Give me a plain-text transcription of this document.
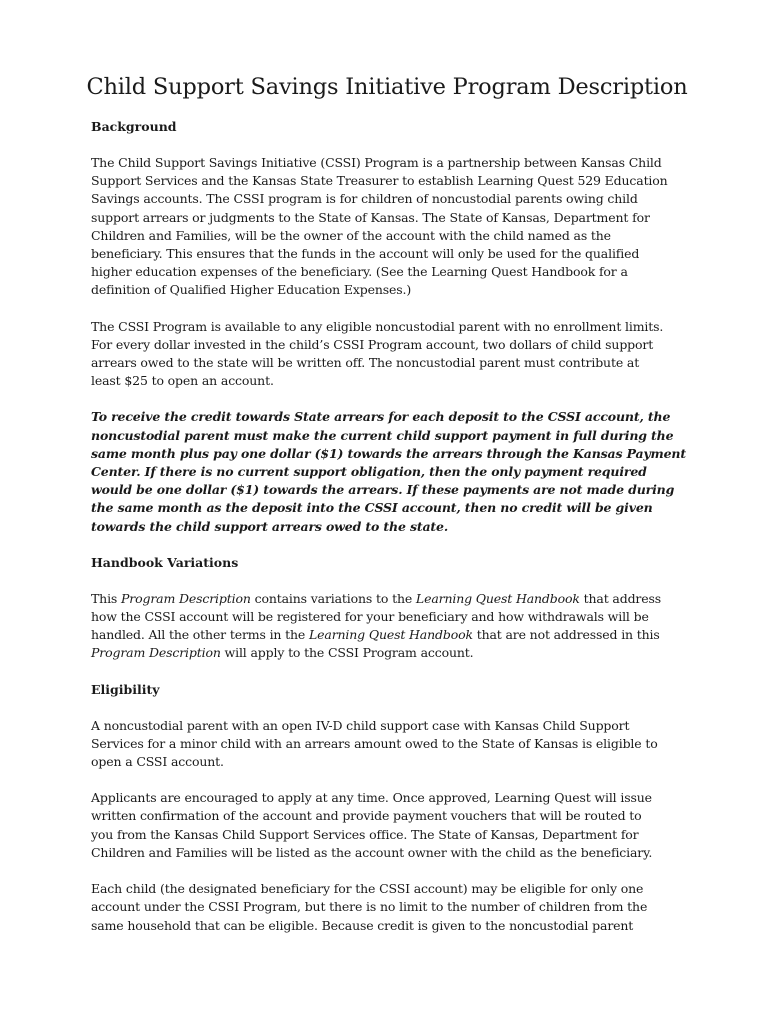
Child Support Savings Initiative Program Description
Background

The Child Support Savings Initiative (CSSI) Program is a partnership between Kansas Child
Support Services and the Kansas State Treasurer to establish Learning Quest 529 Education
Savings accounts. The CSSI program is for children of noncustodial parents owing child
support arrears or judgments to the State of Kansas. The State of Kansas, Department for
Children and Families, will be the owner of the account with the child named as the
beneficiary. This ensures that the funds in the account will only be used for the qualified
higher education expenses of the beneficiary. (See the Learning Quest Handbook for a
definition of Qualified Higher Education Expenses.)

The CSSI Program is available to any eligible noncustodial parent with no enrollment limits.
For every dollar invested in the child’s CSSI Program account, two dollars of child support
arrears owed to the state will be written off. The noncustodial parent must contribute at
least $25 to open an account.

To receive the credit towards State arrears for each deposit to the CSSI account, the
noncustodial parent must make the current child support payment in full during the
same month plus pay one dollar ($1) towards the arrears through the Kansas Payment
Center. If there is no current support obligation, then the only payment required
would be one dollar ($1) towards the arrears. If these payments are not made during
the same month as the deposit into the CSSI account, then no credit will be given
towards the child support arrears owed to the state.

Handbook Variations

This Program Description contains variations to the Learning Quest Handbook that address
how the CSSI account will be registered for your beneficiary and how withdrawals will be
handled. All the other terms in the Learning Quest Handbook that are not addressed in this
Program Description will apply to the CSSI Program account.

Eligibility

A noncustodial parent with an open IV-D child support case with Kansas Child Support
Services for a minor child with an arrears amount owed to the State of Kansas is eligible to
open a CSSI account.

Applicants are encouraged to apply at any time. Once approved, Learning Quest will issue
written confirmation of the account and provide payment vouchers that will be routed to
you from the Kansas Child Support Services office. The State of Kansas, Department for
Children and Families will be listed as the account owner with the child as the beneficiary.

Each child (the designated beneficiary for the CSSI account) may be eligible for only one
account under the CSSI Program, but there is no limit to the number of children from the
same household that can be eligible. Because credit is given to the noncustodial parent
